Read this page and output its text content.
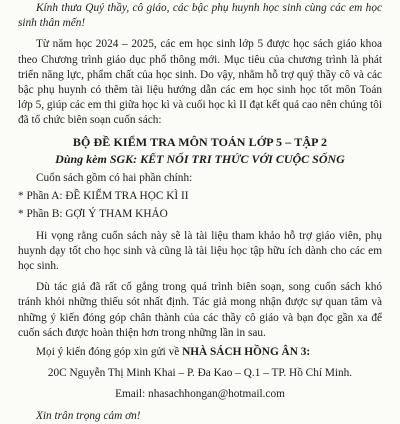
Kính thưa Quý thầy, cô giáo, các bậc phụ huynh học sinh cùng các em học sinh thân mến!

Từ năm học 2024 – 2025, các em học sinh lớp 5 được học sách giáo khoa theo Chương trình giáo dục phổ thông mới. Mục tiêu của chương trình là phát triển năng lực, phẩm chất của học sinh. Do vậy, nhằm hỗ trợ quý thầy cô và các bậc phụ huynh có thêm tài liệu hướng dẫn các em học sinh học tốt môn Toán lớp 5, giúp các em thi giữa học kì và cuối học kì II đạt kết quả cao nên chúng tôi đã tổ chức biên soạn cuốn sách:

BỘ ĐỀ KIỂM TRA MÔN TOÁN LỚP 5 – TẬP 2

Dùng kèm SGK: KẾT NỐI TRI THỨC VỚI CUỘC SỐNG

Cuốn sách gồm có hai phần chính:

* Phần A: ĐỀ KIỂM TRA HỌC KÌ II

* Phần B: GỢI Ý THAM KHẢO

Hi vọng rằng cuốn sách này sẽ là tài liệu tham khảo hỗ trợ giáo viên, phụ huynh dạy tốt cho học sinh và cũng là tài liệu học tập hữu ích dành cho các em học sinh.

Dù tác giả đã rất cố gắng trong quá trình biên soạn, song cuốn sách khó tránh khỏi những thiếu sót nhất định. Tác giả mong nhận được sự quan tâm và những ý kiến đóng góp chân thành của các thầy cô giáo và bạn đọc gần xa để cuốn sách được hoàn thiện hơn trong những lần in sau.

Mọi ý kiến đóng góp xin gửi về NHÀ SÁCH HỒNG ÂN 3:

20C Nguyễn Thị Minh Khai – P. Đa Kao – Q.1 – TP. Hồ Chí Minh.

Email: nhasachhongan@hotmail.com

Xin trân trọng cảm ơn!
